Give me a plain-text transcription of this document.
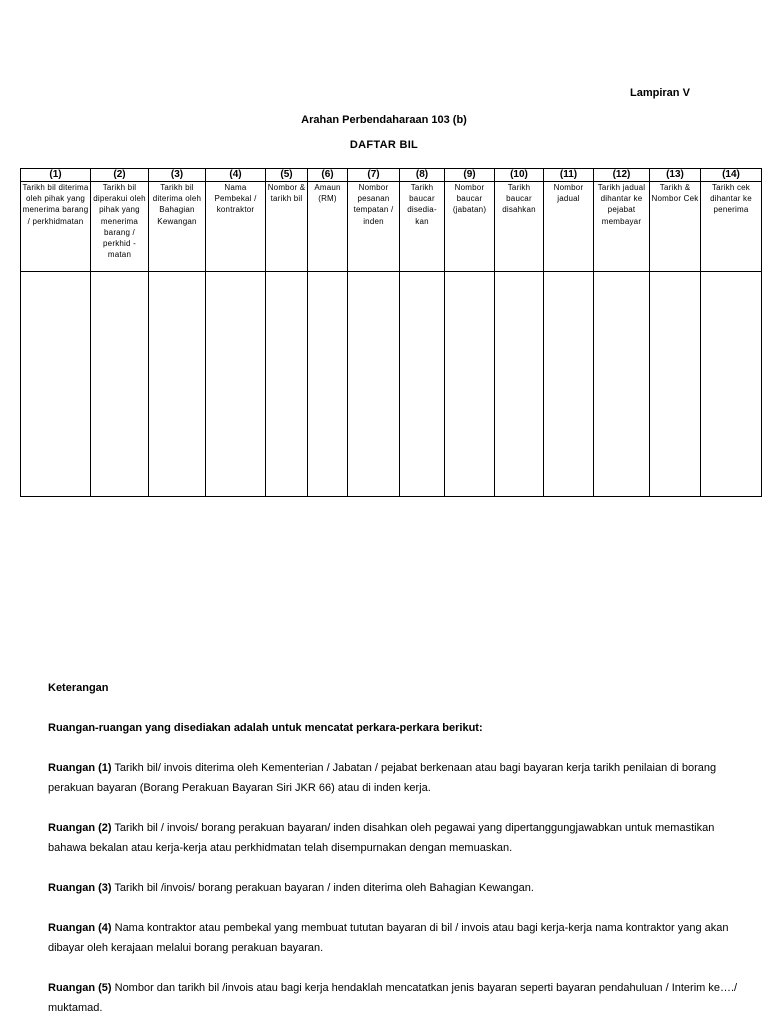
Lampiran V
Arahan Perbendaharaan 103 (b)
DAFTAR BIL
(1)	(2)	(3)	(4)	(5)	(6)	(7)	(8)	(9)	(10)	(11)	(12)	(13)	(14)
Tarikh bil diterima oleh pihak yang menerima barang / perkhidmatan	Tarikh bil diperakui oleh pihak yang menerima barang / perkhid - matan	Tarikh bil diterima oleh Bahagian Kewangan	Nama Pembekal / kontraktor	Nombor & tarikh bil	Amaun (RM)	Nombor pesanan tempatan / inden	Tarikh baucar disedia-kan	Nombor baucar (jabatan)	Tarikh baucar disahkan	Nombor jadual	Tarikh jadual dihantar ke pejabat membayar	Tarikh & Nombor Cek	Tarikh cek dihantar ke penerima

Keterangan
Ruangan-ruangan yang disediakan adalah untuk mencatat perkara-perkara berikut:
Ruangan (1) Tarikh bil/ invois diterima oleh Kementerian / Jabatan / pejabat berkenaan atau bagi bayaran kerja tarikh penilaian di borang perakuan bayaran (Borang Perakuan Bayaran Siri JKR 66) atau di inden kerja.
Ruangan (2) Tarikh bil / invois/ borang perakuan bayaran/ inden disahkan oleh pegawai yang dipertanggungjawabkan untuk memastikan bahawa bekalan atau kerja-kerja atau perkhidmatan telah disempurnakan dengan memuaskan.
Ruangan (3) Tarikh bil /invois/ borang perakuan bayaran / inden diterima oleh Bahagian Kewangan.
Ruangan (4) Nama kontraktor atau pembekal yang membuat tututan bayaran di bil / invois atau bagi kerja-kerja nama kontraktor yang akan dibayar oleh kerajaan melalui borang perakuan bayaran.
Ruangan (5) Nombor dan tarikh bil /invois atau bagi kerja hendaklah mencatatkan jenis bayaran seperti bayaran pendahuluan / Interim ke…./ muktamad.
